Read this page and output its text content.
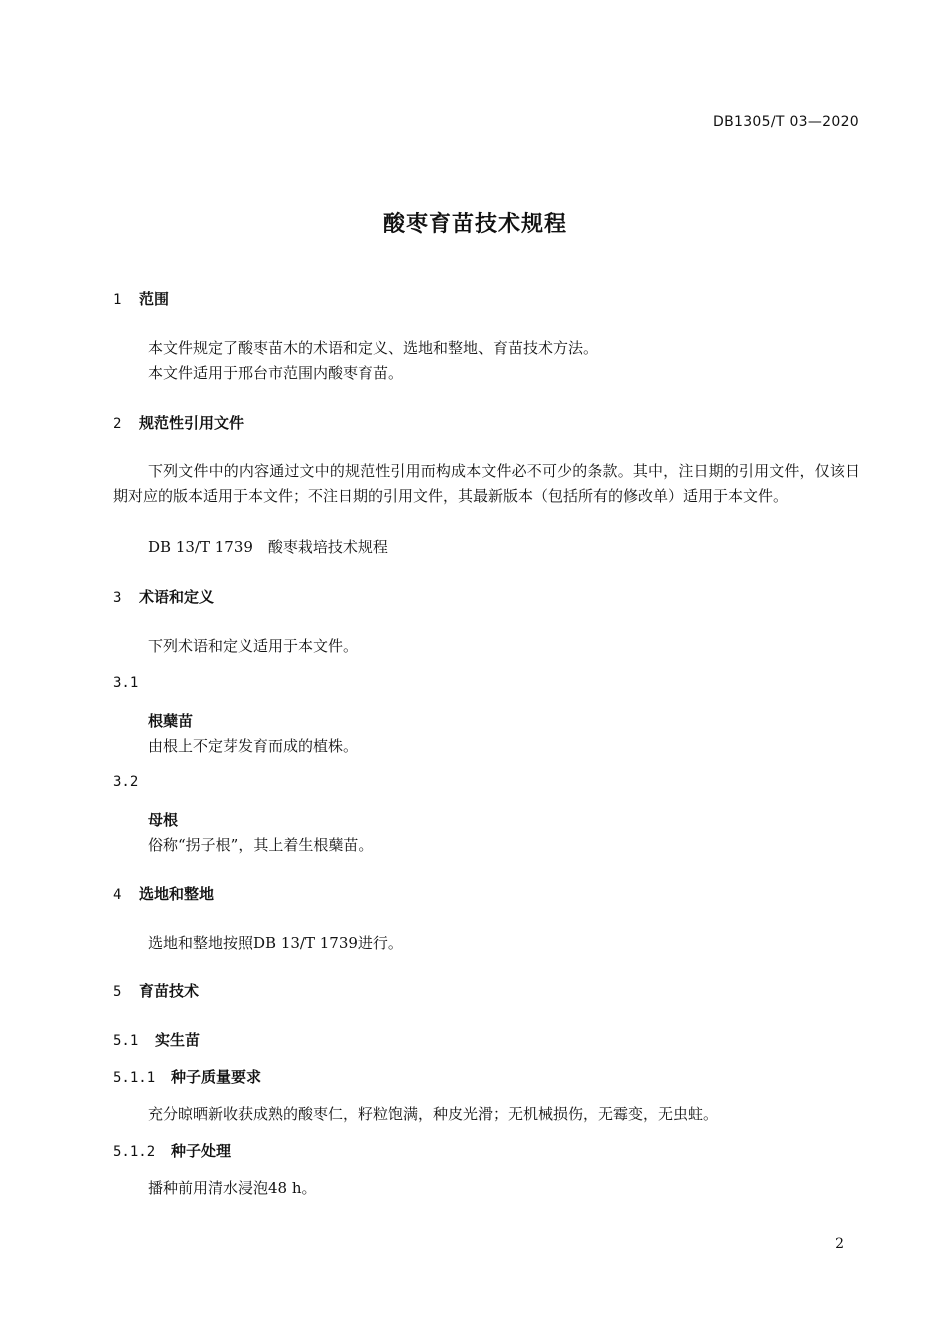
DB1305/T 03—2020
酸枣育苗技术规程
1 范围
本文件规定了酸枣苗木的术语和定义、选地和整地、育苗技术方法。
本文件适用于邢台市范围内酸枣育苗。
2 规范性引用文件
下列文件中的内容通过文中的规范性引用而构成本文件必不可少的条款。其中，注日期的引用文件，仅该日期对应的版本适用于本文件；不注日期的引用文件，其最新版本（包括所有的修改单）适用于本文件。
DB 13/T 1739　酸枣栽培技术规程
3 术语和定义
下列术语和定义适用于本文件。
3.1
根蘖苗
由根上不定芽发育而成的植株。
3.2
母根
俗称“拐子根”，其上着生根蘖苗。
4 选地和整地
选地和整地按照DB 13/T 1739进行。
5 育苗技术
5.1 实生苗
5.1.1 种子质量要求
充分晾晒新收获成熟的酸枣仁，籽粒饱满，种皮光滑；无机械损伤，无霉变，无虫蛀。
5.1.2 种子处理
播种前用清水浸泡48 h。
2
